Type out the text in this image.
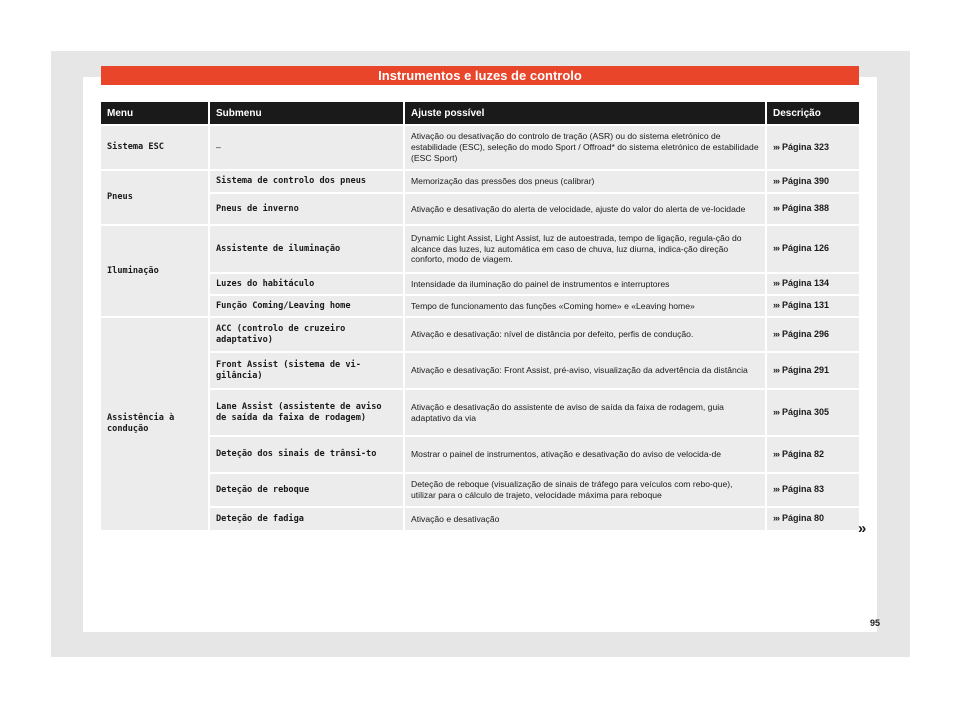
Instrumentos e luzes de controlo
Menu	Submenu	Ajuste possível	Descrição
Sistema ESC	–	Ativação ou desativação do controlo de tração (ASR) ou do sistema eletrónico de estabilidade (ESC), seleção do modo Sport / Offroad* do sistema eletrónico de estabilidade (ESC Sport)	››› Página 323
Pneus	Sistema de controlo dos pneus	Memorização das pressões dos pneus (calibrar)	››› Página 390
	Pneus de inverno	Ativação e desativação do alerta de velocidade, ajuste do valor do alerta de ve-locidade	››› Página 388
Iluminação	Assistente de iluminação	Dynamic Light Assist, Light Assist, luz de autoestrada, tempo de ligação, regula-ção do alcance das luzes, luz automática em caso de chuva, luz diurna, indica-ção direção conforto, modo de viagem.	››› Página 126
	Luzes do habitáculo	Intensidade da iluminação do painel de instrumentos e interruptores	››› Página 134
	Função Coming/Leaving home	Tempo de funcionamento das funções «Coming home» e «Leaving home»	››› Página 131
Assistência à condução	ACC (controlo de cruzeiro adaptativo)	Ativação e desativação: nível de distância por defeito, perfis de condução.	››› Página 296
	Front Assist (sistema de vi-gilância)	Ativação e desativação: Front Assist, pré-aviso, visualização da advertência da distância	››› Página 291
	Lane Assist (assistente de aviso de saída da faixa de rodagem)	Ativação e desativação do assistente de aviso de saída da faixa de rodagem, guia adaptativo da via	››› Página 305
	Deteção dos sinais de trânsi-to	Mostrar o painel de instrumentos, ativação e desativação do aviso de velocida-de	››› Página 82
	Deteção de reboque	Deteção de reboque (visualização de sinais de tráfego para veículos com rebo-que), utilizar para o cálculo de trajeto, velocidade máxima para reboque	››› Página 83
	Deteção de fadiga	Ativação e desativação	››› Página 80
»
95
